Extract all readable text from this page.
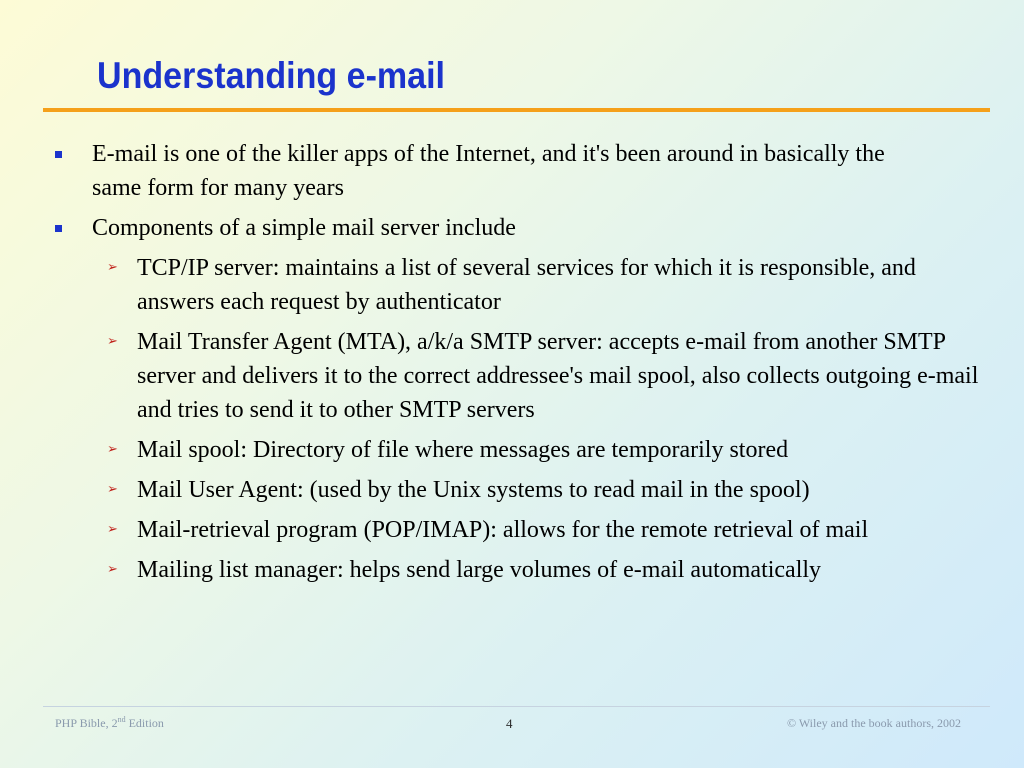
Understanding e-mail
E-mail is one of the killer apps of the Internet, and it's been around in basically the same form for many years
Components of a simple mail server include
➢ TCP/IP server: maintains a list of several services for which it is responsible, and answers each request by authenticator
➢ Mail Transfer Agent (MTA), a/k/a SMTP server: accepts e-mail from another SMTP server and delivers it to the correct addressee's mail spool, also collects outgoing e-mail and tries to send it to other SMTP servers
➢ Mail spool: Directory of file where messages are temporarily stored
➢ Mail User Agent: (used by the Unix systems to read mail in the spool)
➢ Mail-retrieval program (POP/IMAP): allows for the remote retrieval of mail
➢ Mailing list manager: helps send large volumes of e-mail automatically
PHP Bible, 2nd Edition	4	© Wiley and the book authors, 2002
